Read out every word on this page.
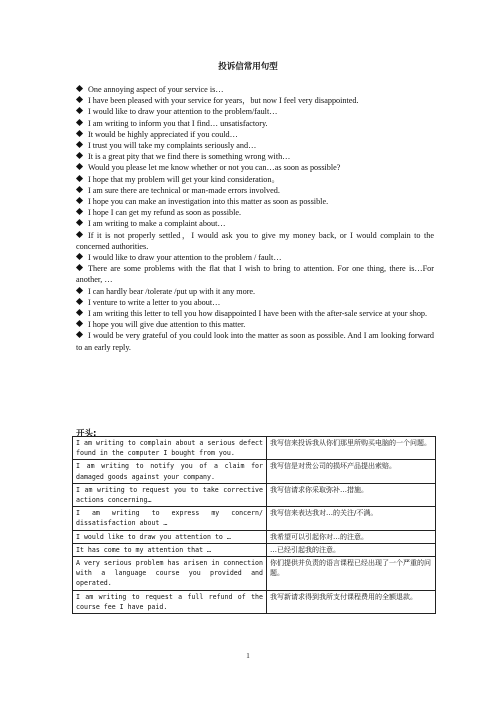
投诉信常用句型

One annoying aspect of your service is…

I have been pleased with your service for years，but now I feel very disappointed.

I would like to draw your attention to the problem/fault…

I am writing to inform you that I find… unsatisfactory.

It would be highly appreciated if you could…

I trust you will take my complaints seriously and…

It is a great pity that we find there is something wrong with…

Would you please let me know whether or not you can…as soon as possible?

I hope that my problem will get your kind consideration。

I am sure there are technical or man-made errors involved.

I hope you can make an investigation into this matter as soon as possible.

I hope I can get my refund as soon as possible.

I am writing to make a complaint about…

If it is not properly settled，I would ask you to give my money back, or I would complain to the concerned authorities.

I would like to draw your attention to the problem / fault…

There are some problems with the flat that I wish to bring to attention. For one thing, there is…For another, …

I can hardly bear /tolerate /put up with it any more.

I venture to write a letter to you about…

I am writing this letter to tell you how disappointed I have been with the after-sale service at your shop.

I hope you will give due attention to this matter.

I would be very grateful of you could look into the matter as soon as possible. And I am looking forward to an early reply.

开头:
I am writing to complain about a serious defect found in the computer I bought from you.	我写信来投诉我从你们那里所购买电脑的一个问题。
I am writing to notify you of a claim for damaged goods against your company.	我写信是对贵公司的损坏产品提出索赔。
I am writing to request you to take corrective actions concerning…	我写信请求你采取弥补…措施。
I am writing to express my concern/ dissatisfaction about …	我写信来表达我对…的关注/不满。
I would like to draw you attention to …	我希望可以引起你对…的注意。
It has come to my attention that …	…已经引起我的注意。
A very serious problem has arisen in connection with a language course you provided and operated.	你们提供并负责的语言课程已经出现了一个严重的问题。
I am writing to request a full refund of the course fee I have paid.	我写新请求得到我所支付课程费用的全额退款。
1
